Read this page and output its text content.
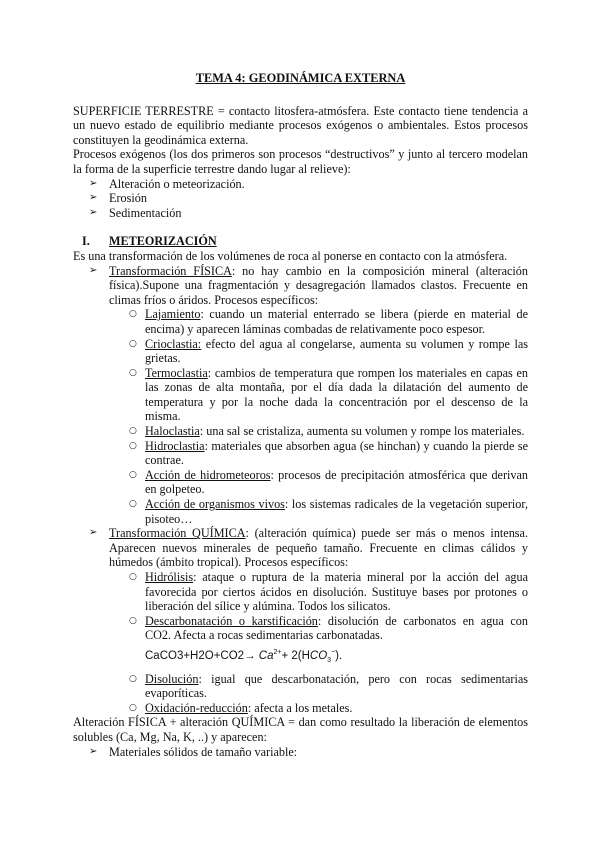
TEMA 4: GEODINÁMICA EXTERNA

SUPERFICIE TERRESTRE = contacto litosfera-atmósfera. Este contacto tiene tendencia a un nuevo estado de equilibrio mediante procesos exógenos o ambientales. Estos procesos constituyen la geodinámica externa.

Procesos exógenos (los dos primeros son procesos “destructivos” y junto al tercero modelan la forma de la superficie terrestre dando lugar al relieve):

➢ Alteración o meteorización.
➢ Erosión
➢ Sedimentación
I. METEORIZACIÓN

Es una transformación de los volúmenes de roca al ponerse en contacto con la atmósfera.

➢ Transformación FÍSICA: no hay cambio en la composición mineral (alteración física).Supone una fragmentación y desagregación llamados clastos. Frecuente en climas fríos o áridos. Procesos específicos:
○ Lajamiento: cuando un material enterrado se libera (pierde en material de encima) y aparecen láminas combadas de relativamente poco espesor.
○ Crioclastia: efecto del agua al congelarse, aumenta su volumen y rompe las grietas.
○ Termoclastia: cambios de temperatura que rompen los materiales en capas en las zonas de alta montaña, por el día dada la dilatación del aumento de temperatura y por la noche dada la concentración por el descenso de la misma.
○ Haloclastia: una sal se cristaliza, aumenta su volumen y rompe los materiales.
○ Hidroclastia: materiales que absorben agua (se hinchan) y cuando la pierde se contrae.
○ Acción de hidrometeoros: procesos de precipitación atmosférica que derivan en golpeteo.
○ Acción de organismos vivos: los sistemas radicales de la vegetación superior, pisoteo…
➢ Transformación QUÍMICA: (alteración química) puede ser más o menos intensa. Aparecen nuevos minerales de pequeño tamaño. Frecuente en climas cálidos y húmedos (ámbito tropical). Procesos específicos:
○ Hidrólisis: ataque o ruptura de la materia mineral por la acción del agua favorecida por ciertos ácidos en disolución. Sustituye bases por protones o liberación del sílice y alúmina. Todos los silicatos.
○ Descarbonatación o karstificación: disolución de carbonatos en agua con CO2. Afecta a rocas sedimentarias carbonatadas.
CaCO3+H2O+CO2→ $Ca^{2+}+ 2(HCO_3^-)$.
○ Disolución: igual que descarbonatación, pero con rocas sedimentarias evaporíticas.
○ Oxidación-reducción: afecta a los metales.

Alteración FÍSICA + alteración QUÍMICA = dan como resultado la liberación de elementos solubles (Ca, Mg, Na, K, ..) y aparecen:

➢ Materiales sólidos de tamaño variable:
